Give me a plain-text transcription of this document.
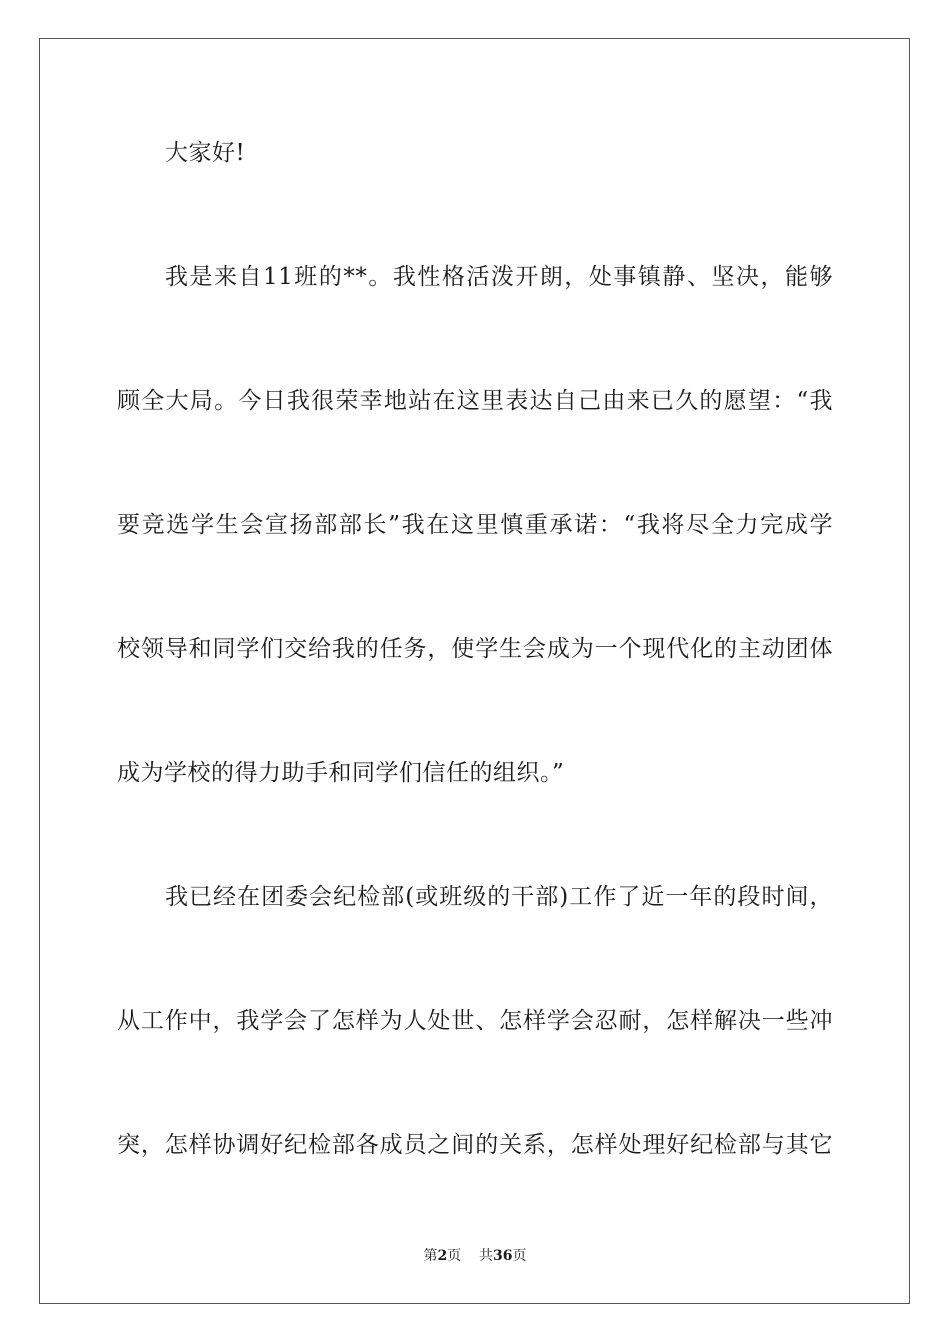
大家好!
我是来自11班的**。我性格活泼开朗，处事镇静、坚决，能够
顾全大局。今日我很荣幸地站在这里表达自己由来已久的愿望：“我
要竞选学生会宣扬部部长”我在这里慎重承诺：“我将尽全力完成学
校领导和同学们交给我的任务，使学生会成为一个现代化的主动团体
成为学校的得力助手和同学们信任的组织。”
我已经在团委会纪检部(或班级的干部)工作了近一年的段时间，
从工作中，我学会了怎样为人处世、怎样学会忍耐，怎样解决一些冲
突，怎样协调好纪检部各成员之间的关系，怎样处理好纪检部与其它
第2页 共36页
